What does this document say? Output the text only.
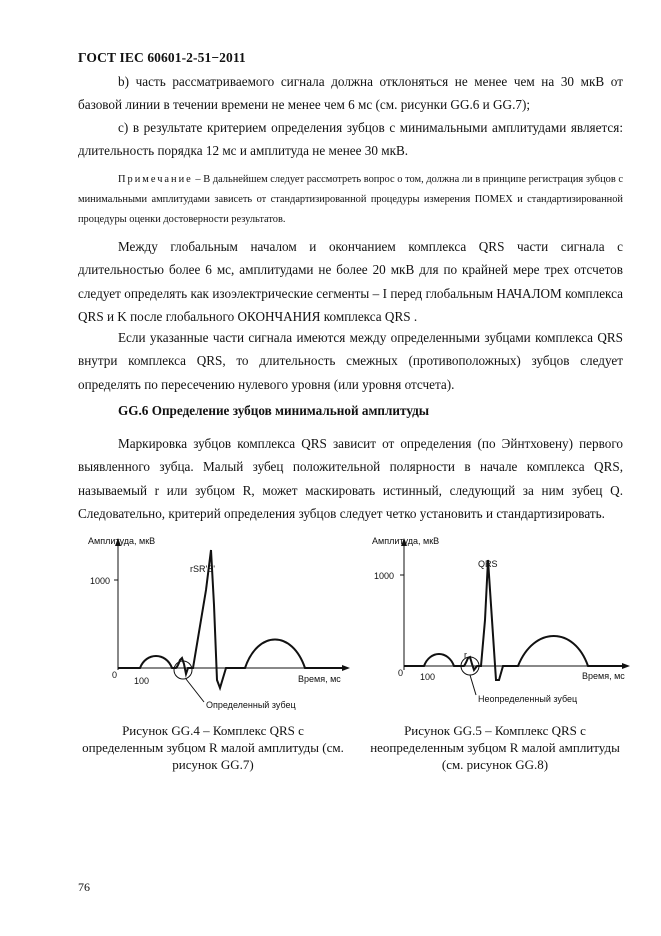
ГОСТ IEC 60601-2-51−2011

b) часть рассматриваемого сигнала должна отклоняться не менее чем на 30 мкВ от базовой линии в течении времени не менее чем 6 мс (см. рисунки GG.6 и GG.7);

с) в результате критерием определения зубцов с минимальными амплитудами является: длительность порядка 12 мс и амплитуда не менее 30 мкВ.

Примечание – В дальнейшем следует рассмотреть вопрос о том, должна ли в принципе регистрация зубцов с минимальными амплитудами зависеть от стандартизированной процедуры измерения ПОМЕХ и стандартизированной процедуры оценки достоверности результатов.

Между глобальным началом и окончанием комплекса QRS части сигнала с длительностью более 6 мс, амплитудами не более 20 мкВ для по крайней мере трех отсчетов следует определять как изоэлектрические сегменты – I перед глобальным НАЧАЛОМ комплекса QRS и K после глобального ОКОНЧАНИЯ комплекса QRS .

Если указанные части сигнала имеются между определенными зубцами комплекса QRS внутри комплекса QRS, то длительность смежных (противоположных) зубцов следует определять по пересечению нулевого уровня (или уровня отсчета).

GG.6 Определение зубцов минимальной амплитуды

Маркировка зубцов комплекса QRS зависит от определения (по Эйнтховену) первого выявленного зубца. Малый зубец положительной полярности в начале комплекса QRS, называемый r или зубцом R, может маскировать истинный, следующий за ним зубец Q. Следовательно, критерий определения зубцов следует четко установить и стандартизировать.

Амплитуда, мкВ
1000
0
100	Время, мс
rSR'S'
Определенный зубец
Рисунок GG.4 – Комплекс QRS с определенным зубцом R малой амплитуды (см. рисунок GG.7)
Амплитуда, мкВ
1000
0 100	Время, мс
QRS
r
Неопределенный зубец
Рисунок GG.5 – Комплекс QRS с неопределенным зубцом R малой амплитуды (см. рисунок GG.8)
76
